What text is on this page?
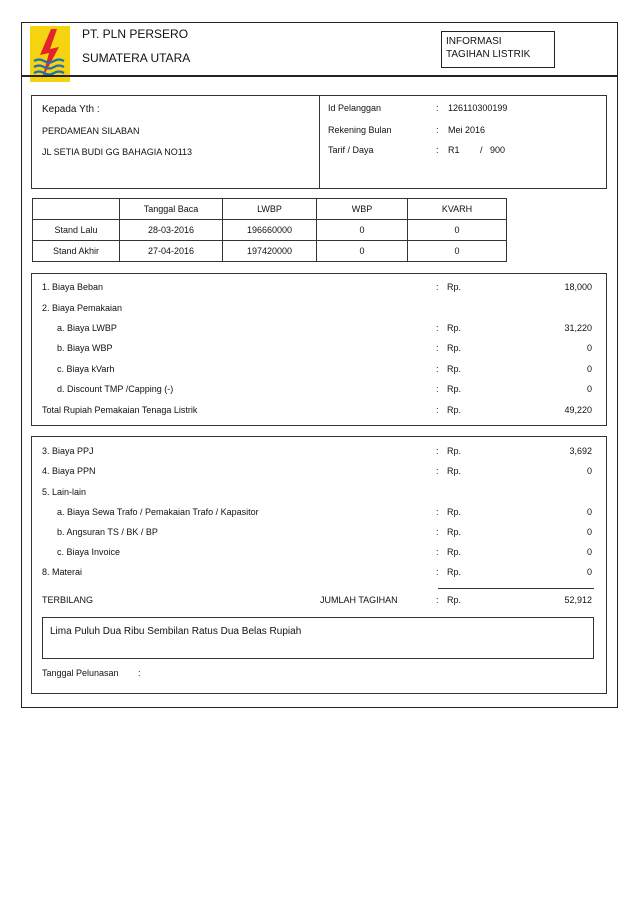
PT. PLN PERSERO
SUMATERA UTARA
INFORMASI
TAGIHAN LISTRIK
Kepada Yth :
PERDAMEAN SILABAN
JL SETIA BUDI GG BAHAGIA NO113
Id Pelanggan	: 126110300199
Rekening Bulan	: Mei 2016
Tarif / Daya	: R1 / 900
	Tanggal Baca	LWBP	WBP	KVARH
Stand Lalu	28-03-2016	196660000	0	0
Stand Akhir	27-04-2016	197420000	0	0
1. Biaya Beban	: Rp.	18,000
2. Biaya Pemakaian
a. Biaya LWBP	: Rp.	31,220
b. Biaya WBP	: Rp.	0
c. Biaya kVarh	: Rp.	0
d. Discount TMP /Capping (-)	: Rp.	0
Total Rupiah Pemakaian Tenaga Listrik	: Rp.	49,220
3. Biaya PPJ	: Rp.	3,692
4. Biaya PPN	: Rp.	0
5. Lain-lain
a. Biaya Sewa Trafo / Pemakaian Trafo / Kapasitor	: Rp.	0
b. Angsuran TS / BK / BP	: Rp.	0
c. Biaya Invoice	: Rp.	0
8. Materai	: Rp.	0
TERBILANG	JUMLAH TAGIHAN	: Rp.	52,912
Lima Puluh Dua Ribu Sembilan Ratus Dua Belas Rupiah
Tanggal Pelunasan :
